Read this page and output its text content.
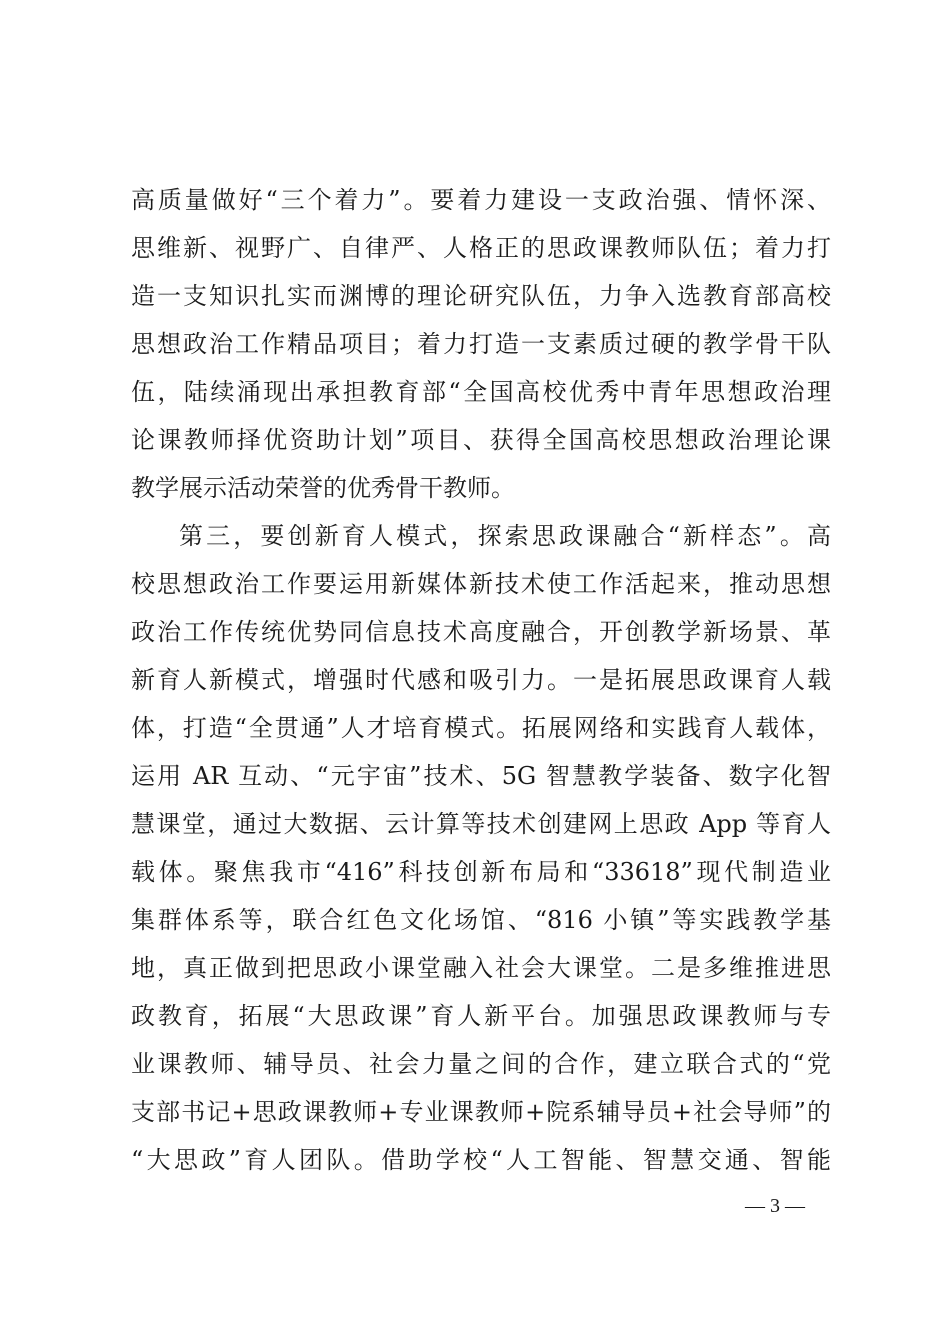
高质量做好“三个着力”。要着力建设一支政治强、情怀深、
思维新、视野广、自律严、人格正的思政课教师队伍；着力打
造一支知识扎实而渊博的理论研究队伍，力争入选教育部高校
思想政治工作精品项目；着力打造一支素质过硬的教学骨干队
伍，陆续涌现出承担教育部“全国高校优秀中青年思想政治理
论课教师择优资助计划”项目、获得全国高校思想政治理论课
教学展示活动荣誉的优秀骨干教师。
第三，要创新育人模式，探索思政课融合“新样态”。高
校思想政治工作要运用新媒体新技术使工作活起来，推动思想
政治工作传统优势同信息技术高度融合，开创教学新场景、革
新育人新模式，增强时代感和吸引力。一是拓展思政课育人载
体，打造“全贯通”人才培育模式。拓展网络和实践育人载体，
运用 AR 互动、“元宇宙”技术、5G 智慧教学装备、数字化智
慧课堂，通过大数据、云计算等技术创建网上思政 App 等育人
载体。聚焦我市“416”科技创新布局和“33618”现代制造业
集群体系等，联合红色文化场馆、“816 小镇”等实践教学基
地，真正做到把思政小课堂融入社会大课堂。二是多维推进思
政教育，拓展“大思政课”育人新平台。加强思政课教师与专
业课教师、辅导员、社会力量之间的合作，建立联合式的“党
支部书记+思政课教师+专业课教师+院系辅导员+社会导师”的
“大思政”育人团队。借助学校“人工智能、智慧交通、智能
— 3 —
